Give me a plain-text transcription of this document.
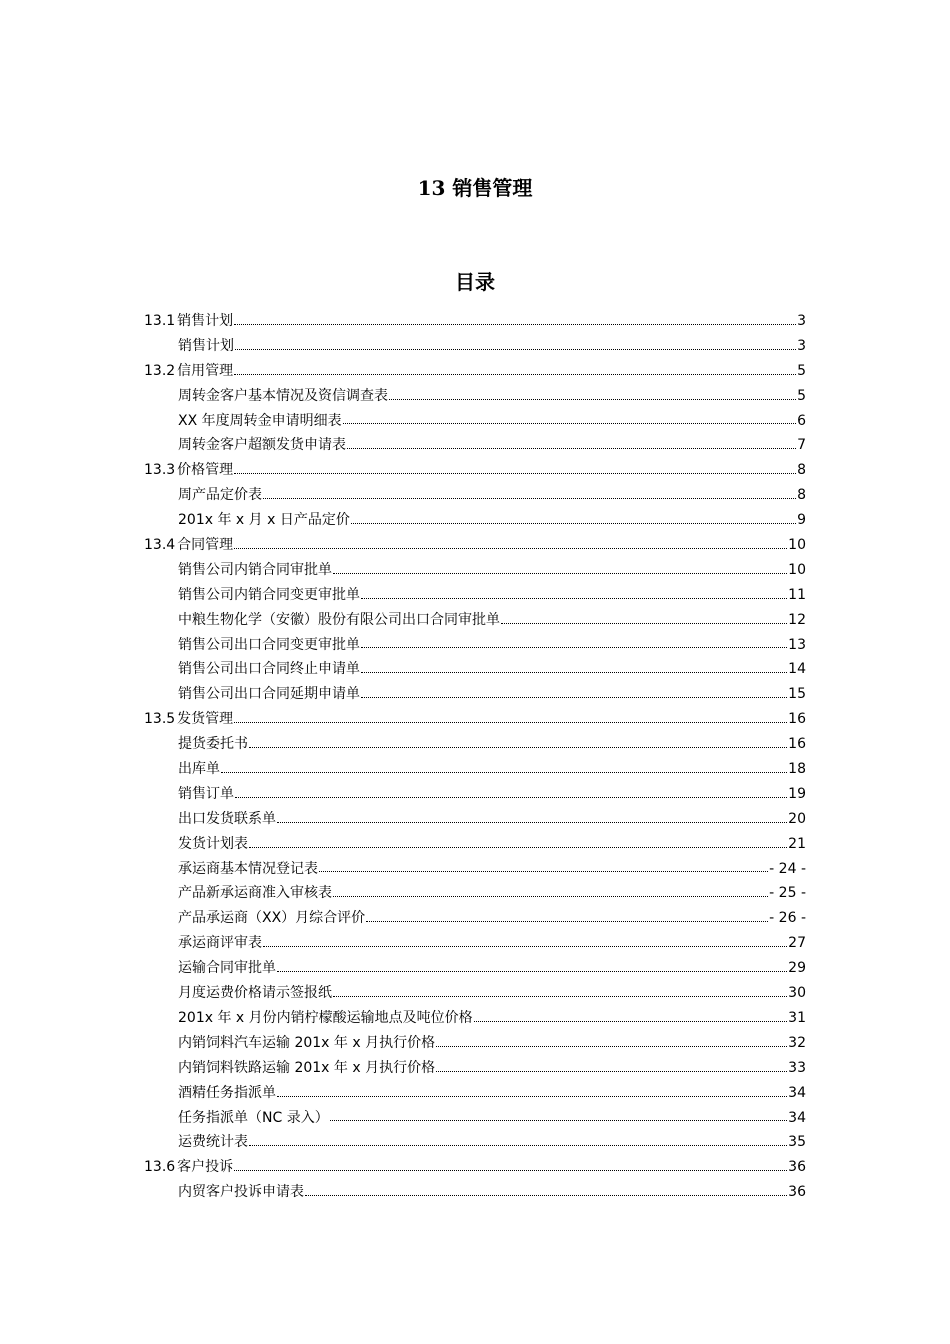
13 销售管理
目录
13.1 销售计划	3
销售计划	3
13.2 信用管理	5
周转金客户基本情况及资信调查表	5
XX 年度周转金申请明细表	6
周转金客户超额发货申请表	7
13.3 价格管理	8
周产品定价表	8
201x 年 x 月 x 日产品定价	9
13.4 合同管理	10
销售公司内销合同审批单	10
销售公司内销合同变更审批单	11
中粮生物化学（安徽）股份有限公司出口合同审批单	12
销售公司出口合同变更审批单	13
销售公司出口合同终止申请单	14
销售公司出口合同延期申请单	15
13.5 发货管理	16
提货委托书	16
出库单	18
销售订单	19
出口发货联系单	20
发货计划表	21
承运商基本情况登记表	- 24 -
产品新承运商准入审核表	- 25 -
产品承运商（XX）月综合评价	- 26 -
承运商评审表	27
运输合同审批单	29
月度运费价格请示签报纸	30
201x 年 x 月份内销柠檬酸运输地点及吨位价格	31
内销饲料汽车运输 201x 年 x 月执行价格	32
内销饲料铁路运输 201x 年 x 月执行价格	33
酒精任务指派单	34
任务指派单（NC 录入）	34
运费统计表	35
13.6 客户投诉	36
内贸客户投诉申请表	36
